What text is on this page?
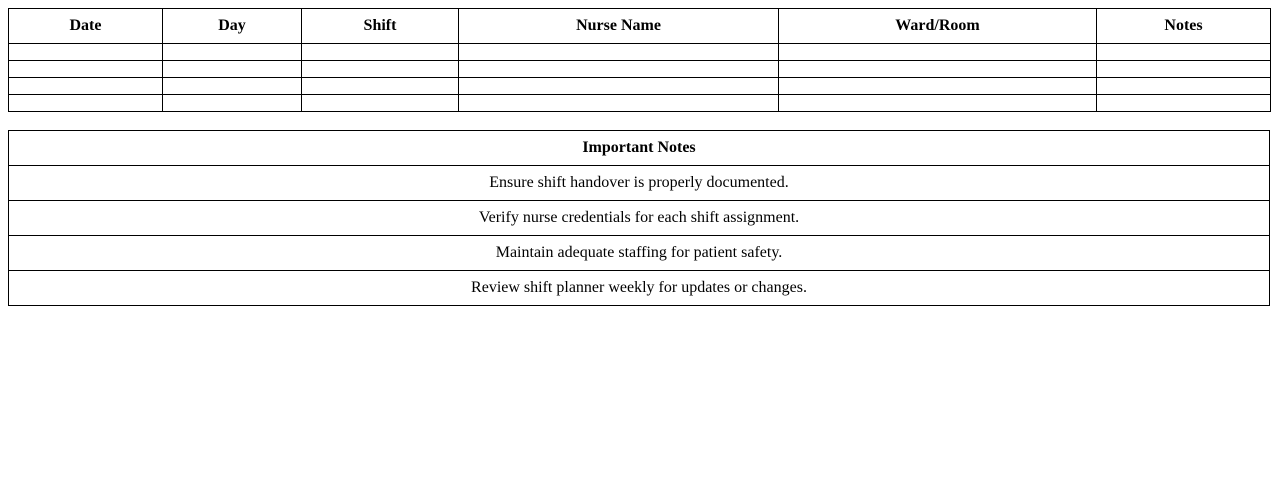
Date	Day	Shift	Nurse Name	Ward/Room	Notes

Important Notes
Ensure shift handover is properly documented.
Verify nurse credentials for each shift assignment.
Maintain adequate staffing for patient safety.
Review shift planner weekly for updates or changes.
